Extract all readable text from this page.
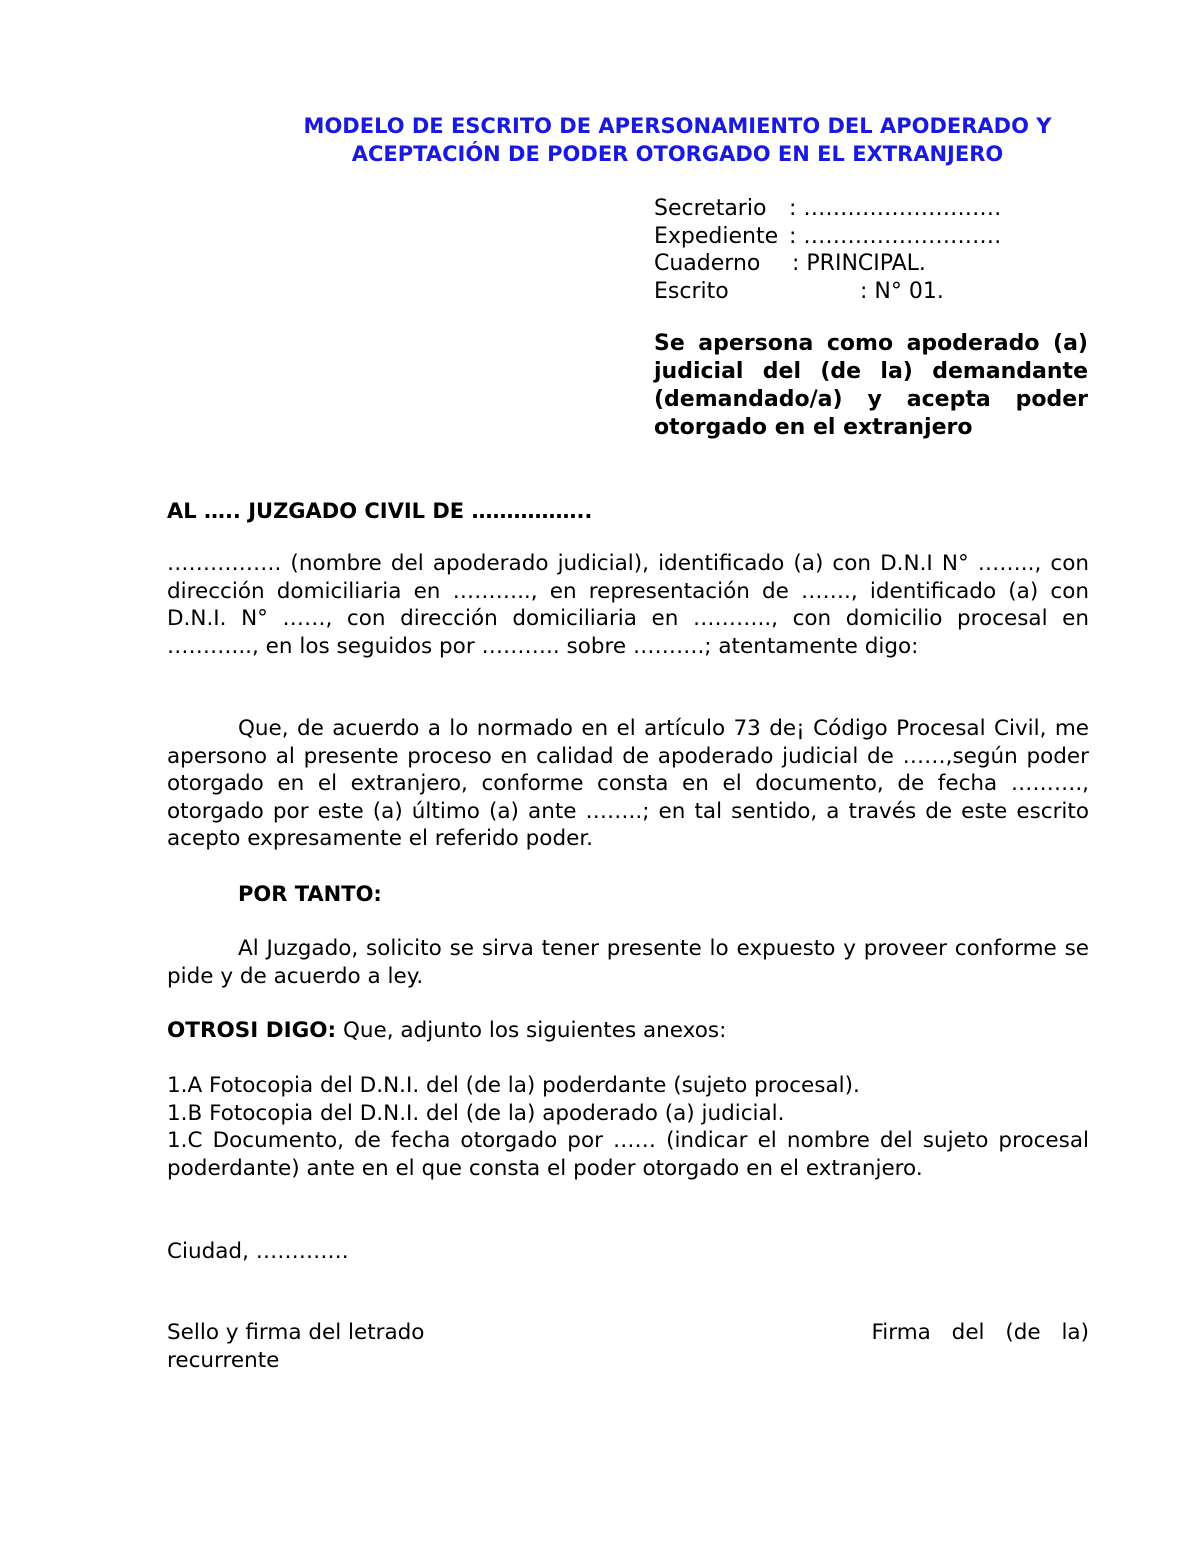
MODELO DE ESCRITO DE APERSONAMIENTO DEL APODERADO Y
ACEPTACIÓN DE PODER OTORGADO EN EL EXTRANJERO
Secretario : ………………………
Expediente : ………………………
Cuaderno : PRINCIPAL.
Escrito	: N° 01.
Se apersona como apoderado (a) judicial del (de la) demandante (demandado/a) y acepta poder otorgado en el extranjero
AL ….. JUZGADO CIVIL DE ……………..
……………. (nombre del apoderado judicial), identificado (a) con D.N.I N° …….., con dirección domiciliaria en ……….., en representación de ……., identificado (a) con D.N.I. N° ……, con dirección domiciliaria en ……….., con domicilio procesal en ………..., en los seguidos por ……….. sobre ……….; atentamente digo:
Que, de acuerdo a lo normado en el artículo 73 de¡ Código Procesal Civil, me apersono al presente proceso en calidad de apoderado judicial de ……,según poder otorgado en el extranjero, conforme consta en el documento, de fecha ………., otorgado por este (a) último (a) ante ……..; en tal sentido, a través de este escrito acepto expresamente el referido poder.
POR TANTO:
Al Juzgado, solicito se sirva tener presente lo expuesto y proveer conforme se pide y de acuerdo a ley.
OTROSI DIGO: Que, adjunto los siguientes anexos:
1.A Fotocopia del D.N.I. del (de la) poderdante (sujeto procesal).
1.B Fotocopia del D.N.I. del (de la) apoderado (a) judicial.
1.C Documento, de fecha otorgado por …… (indicar el nombre del sujeto procesal poderdante) ante en el que consta el poder otorgado en el extranjero.
Ciudad, ………….
Sello y firma del letrado	Firma del (de la)
recurrente
